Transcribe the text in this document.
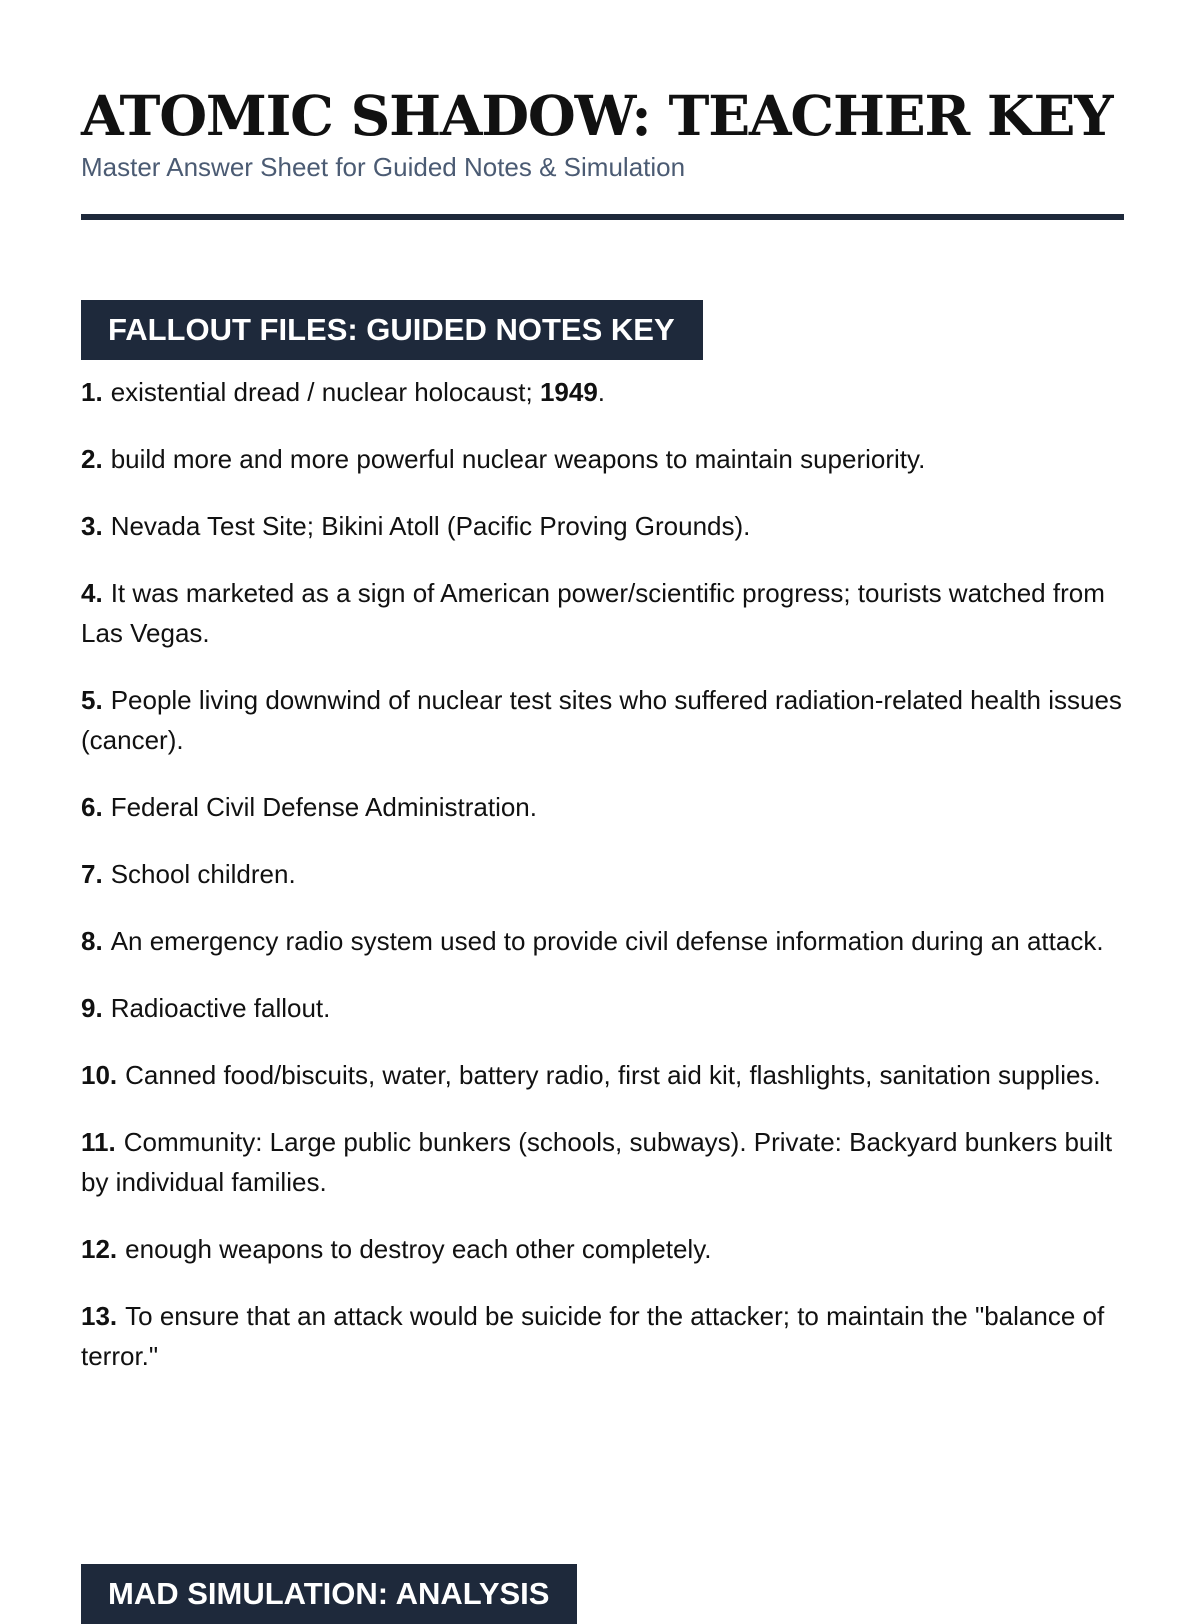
ATOMIC SHADOW: TEACHER KEY

Master Answer Sheet for Guided Notes & Simulation

FALLOUT FILES: GUIDED NOTES KEY
1. existential dread / nuclear holocaust; 1949.
2. build more and more powerful nuclear weapons to maintain superiority.
3. Nevada Test Site; Bikini Atoll (Pacific Proving Grounds).
4. It was marketed as a sign of American power/scientific progress; tourists watched from Las Vegas.
5. People living downwind of nuclear test sites who suffered radiation-related health issues (cancer).
6. Federal Civil Defense Administration.
7. School children.
8. An emergency radio system used to provide civil defense information during an attack.
9. Radioactive fallout.
10. Canned food/biscuits, water, battery radio, first aid kit, flashlights, sanitation supplies.
11. Community: Large public bunkers (schools, subways). Private: Backyard bunkers built by individual families.
12. enough weapons to destroy each other completely.
13. To ensure that an attack would be suicide for the attacker; to maintain the "balance of terror."
MAD SIMULATION: ANALYSIS
